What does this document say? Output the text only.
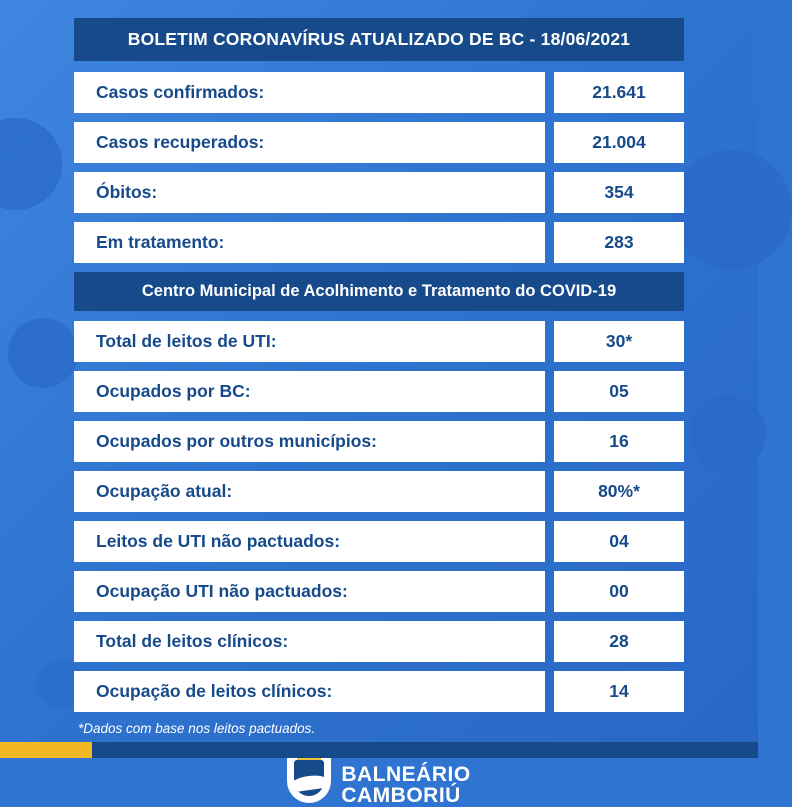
BOLETIM CORONAVÍRUS ATUALIZADO DE BC - 18/06/2021
Casos confirmados:	21.641
Casos recuperados:	21.004
Óbitos:	354
Em tratamento:	283
Centro Municipal de Acolhimento e Tratamento do COVID-19
Total de leitos de UTI:	30*
Ocupados por BC:	05
Ocupados por outros municípios:	16
Ocupação atual:	80%*
Leitos de UTI não pactuados:	04
Ocupação UTI não pactuados:	00
Total de leitos clínicos:	28
Ocupação de leitos clínicos:	14
*Dados com base nos leitos pactuados.
BALNEÁRIO
CAMBORIÚ
